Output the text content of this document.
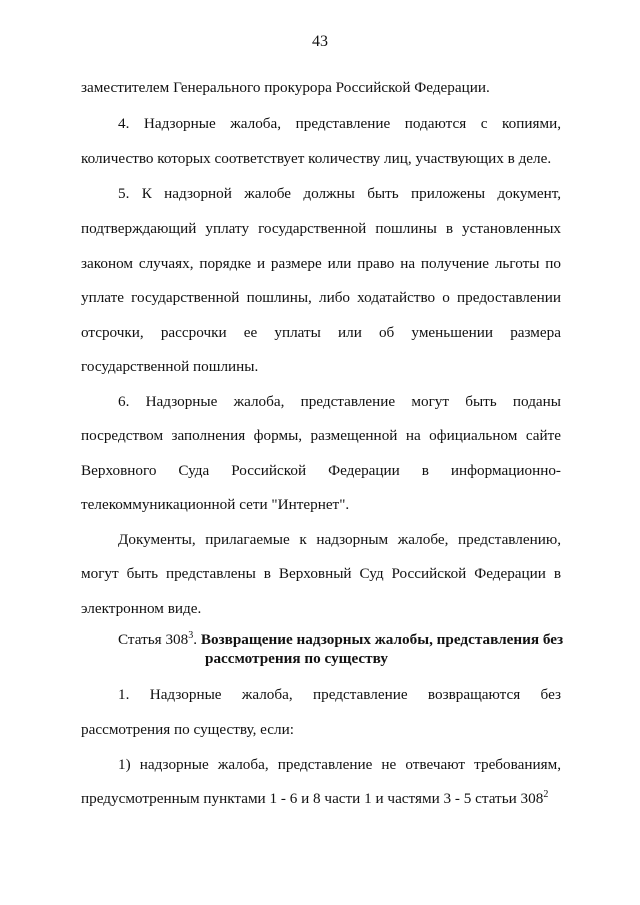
43
заместителем Генерального прокурора Российской Федерации.
4. Надзорные жалоба, представление подаются с копиями,
количество которых соответствует количеству лиц, участвующих в деле.
5. К надзорной жалобе должны быть приложены документ,
подтверждающий уплату государственной пошлины в установленных
законом случаях, порядке и размере или право на получение льготы по
уплате государственной пошлины, либо ходатайство о предоставлении
отсрочки, рассрочки ее уплаты или об уменьшении размера
государственной пошлины.
6. Надзорные жалоба, представление могут быть поданы
посредством заполнения формы, размещенной на официальном сайте
Верховного Суда Российской Федерации в информационно-
телекоммуникационной сети "Интернет".
Документы, прилагаемые к надзорным жалобе, представлению,
могут быть представлены в Верховный Суд Российской Федерации в
электронном виде.
Статья $308^3$. Возвращение надзорных жалобы, представления без
рассмотрения по существу
1. Надзорные жалоба, представление возвращаются без
рассмотрения по существу, если:
1) надзорные жалоба, представление не отвечают требованиям,
предусмотренным пунктами 1 - 6 и 8 части 1 и частями 3 - 5 статьи $308^2$
